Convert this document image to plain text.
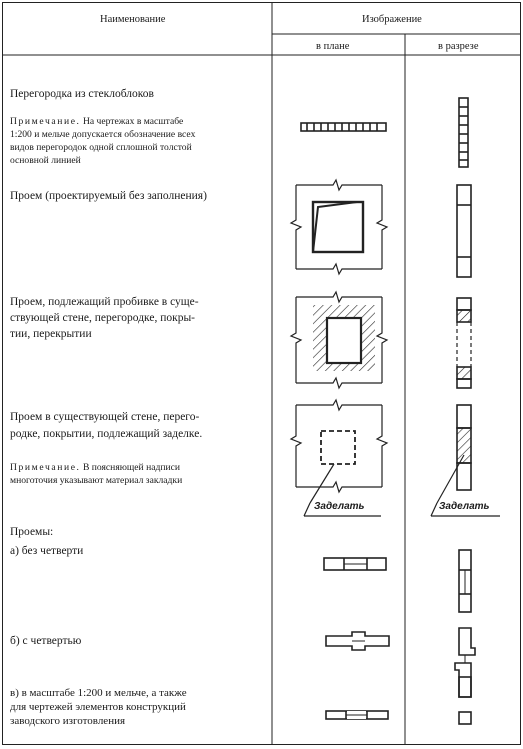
Наименование	Изображение
в плане	в разрезе
Перегородка из стеклоблоков
Примечание. На чертежах в масштабе
1:200 и мельче допускается обозначение всех
видов перегородок одной сплошной толстой
основной линией
Проем (проектируемый без заполнения)
Проем, подлежащий пробивке в суще-
ствующей стене, перегородке, покры-
тии, перекрытии
Проем в существующей стене, перего-
родке, покрытии, подлежащий заделке.
Примечание. В поясняющей надписи
многоточия указывают материал закладки
Заделать	Заделать
Проемы:
а) без четверти
б) с четвертью
в) в масштабе 1:200 и мельче, а также
для чертежей элементов конструкций
заводского изготовления
